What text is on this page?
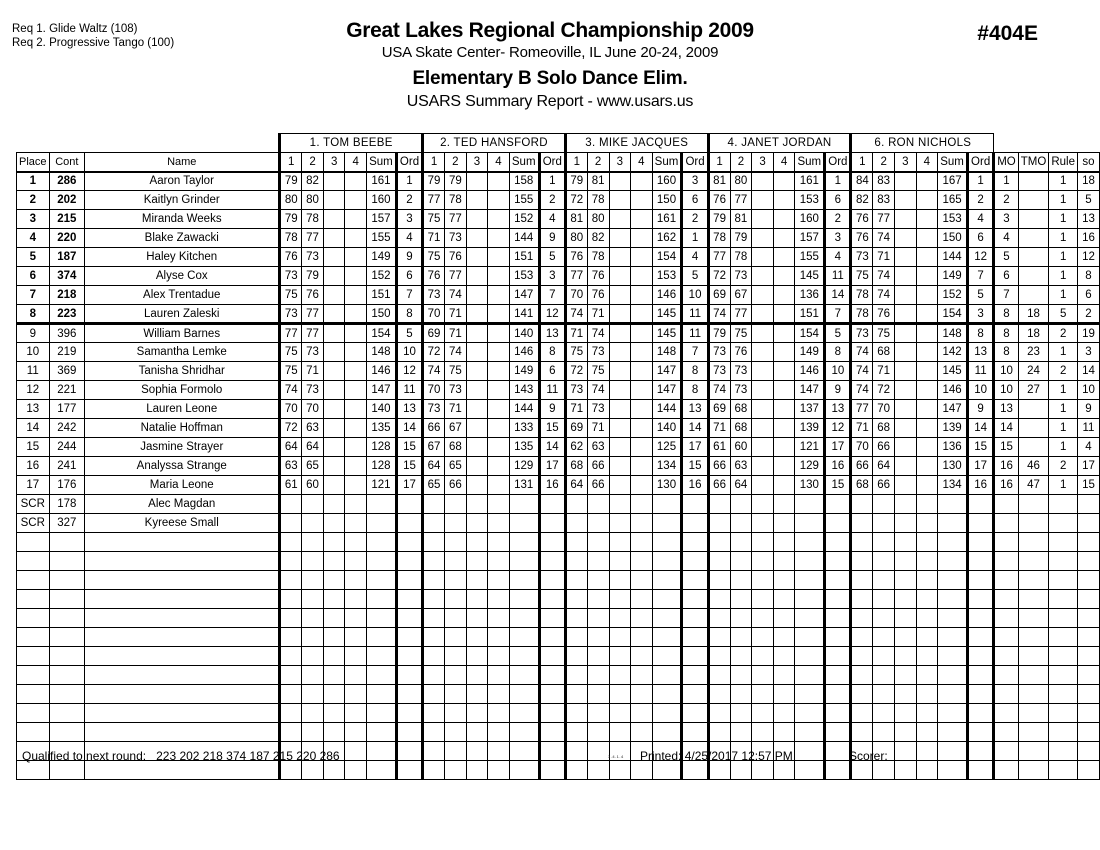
Req 1. Glide Waltz (108)
Req 2. Progressive Tango (100)
Great Lakes Regional Championship 2009
USA Skate Center- Romeoville, IL June 20-24, 2009
Elementary B Solo Dance Elim.
USARS Summary Report - www.usars.us
#404E
			1. TOM BEEBE						2. TED HANSFORD						3. MIKE JACQUES						4. JANET JORDAN						6. RON NICHOLS									
Place	Cont	Name	1	2	3	4	Sum	Ord	1	2	3	4	Sum	Ord	1	2	3	4	Sum	Ord	1	2	3	4	Sum	Ord	1	2	3	4	Sum	Ord	MO	TMO	Rule	so
1	286	Aaron Taylor	79	82			161	1	79	79			158	1	79	81			160	3	81	80			161	1	84	83			167	1	1		1	18
2	202	Kaitlyn Grinder	80	80			160	2	77	78			155	2	72	78			150	6	76	77			153	6	82	83			165	2	2		1	5
3	215	Miranda Weeks	79	78			157	3	75	77			152	4	81	80			161	2	79	81			160	2	76	77			153	4	3		1	13
4	220	Blake Zawacki	78	77			155	4	71	73			144	9	80	82			162	1	78	79			157	3	76	74			150	6	4		1	16
5	187	Haley Kitchen	76	73			149	9	75	76			151	5	76	78			154	4	77	78			155	4	73	71			144	12	5		1	12
6	374	Alyse Cox	73	79			152	6	76	77			153	3	77	76			153	5	72	73			145	11	75	74			149	7	6		1	8
7	218	Alex Trentadue	75	76			151	7	73	74			147	7	70	76			146	10	69	67			136	14	78	74			152	5	7		1	6
8	223	Lauren Zaleski	73	77			150	8	70	71			141	12	74	71			145	11	74	77			151	7	78	76			154	3	8	18	5	2
9	396	William Barnes	77	77			154	5	69	71			140	13	71	74			145	11	79	75			154	5	73	75			148	8	8	18	2	19
10	219	Samantha Lemke	75	73			148	10	72	74			146	8	75	73			148	7	73	76			149	8	74	68			142	13	8	23	1	3
11	369	Tanisha Shridhar	75	71			146	12	74	75			149	6	72	75			147	8	73	73			146	10	74	71			145	11	10	24	2	14
12	221	Sophia Formolo	74	73			147	11	70	73			143	11	73	74			147	8	74	73			147	9	74	72			146	10	10	27	1	10
13	177	Lauren Leone	70	70			140	13	73	71			144	9	71	73			144	13	69	68			137	13	77	70			147	9	13		1	9
14	242	Natalie Hoffman	72	63			135	14	66	67			133	15	69	71			140	14	71	68			139	12	71	68			139	14	14		1	11
15	244	Jasmine Strayer	64	64			128	15	67	68			135	14	62	63			125	17	61	60			121	17	70	66			136	15	15		1	4
16	241	Analyssa Strange	63	65			128	15	64	65			129	17	68	66			134	15	66	63			129	16	66	64			130	17	16	46	2	17
17	176	Maria Leone	61	60			121	17	65	66			131	16	64	66			130	16	66	64			130	15	68	66			134	16	16	47	1	15
SCR	178	Alec Magdan																																		
SCR	327	Kyreese Small																																		

Qualified to next round: 223 202 218 374 187 215 220 286	3.4.1.4 Printed: 4/25/2017 12:57 PM	Scorer:
